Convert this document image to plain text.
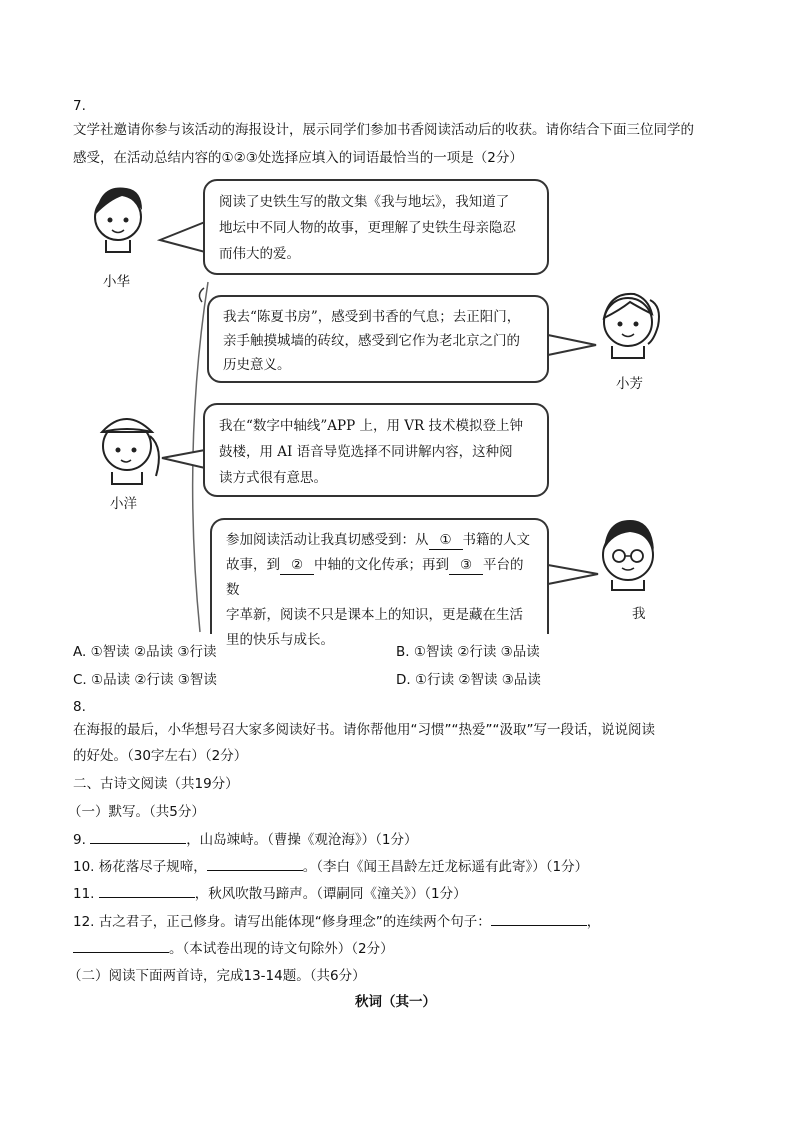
7.
文学社邀请你参与该活动的海报设计，展示同学们参加书香阅读活动后的收获。请你结合下面三位同学的
感受，在活动总结内容的①②③处选择应填入的词语最恰当的一项是（2分）
小华
小芳
小洋
我
阅读了史铁生写的散文集《我与地坛》，我知道了
地坛中不同人物的故事，更理解了史铁生母亲隐忍
而伟大的爱。
我去“陈夏书房”，感受到书香的气息；去正阳门，
亲手触摸城墙的砖纹，感受到它作为老北京之门的
历史意义。
我在“数字中轴线”APP 上，用 VR 技术模拟登上钟
鼓楼，用 AI 语音导览选择不同讲解内容，这种阅
读方式很有意思。
参加阅读活动让我真切感受到：从 ① 书籍的人文
故事，到 ② 中轴的文化传承；再到 ③ 平台的数
字革新，阅读不只是课本上的知识，更是藏在生活
里的快乐与成长。
A. ①智读 ②品读 ③行读	B. ①智读 ②行读 ③品读
C. ①品读 ②行读 ③智读	D. ①行读 ②智读 ③品读
8.
在海报的最后，小华想号召大家多阅读好书。请你帮他用“习惯”“热爱”“汲取”写一段话，说说阅读
的好处。（30字左右）（2分）
二、古诗文阅读（共19分）
（一）默写。（共5分）
9.	，山岛竦峙。（曹操《观沧海》）（1分）
10. 杨花落尽子规啼，	。（李白《闻王昌龄左迁龙标遥有此寄》）（1分）
11.	，秋风吹散马蹄声。（谭嗣同《潼关》）（1分）
12. 古之君子，正己修身。请写出能体现“修身理念”的连续两个句子：	，
。（本试卷出现的诗文句除外）（2分）
（二）阅读下面两首诗，完成13-14题。（共6分）
秋词（其一）
